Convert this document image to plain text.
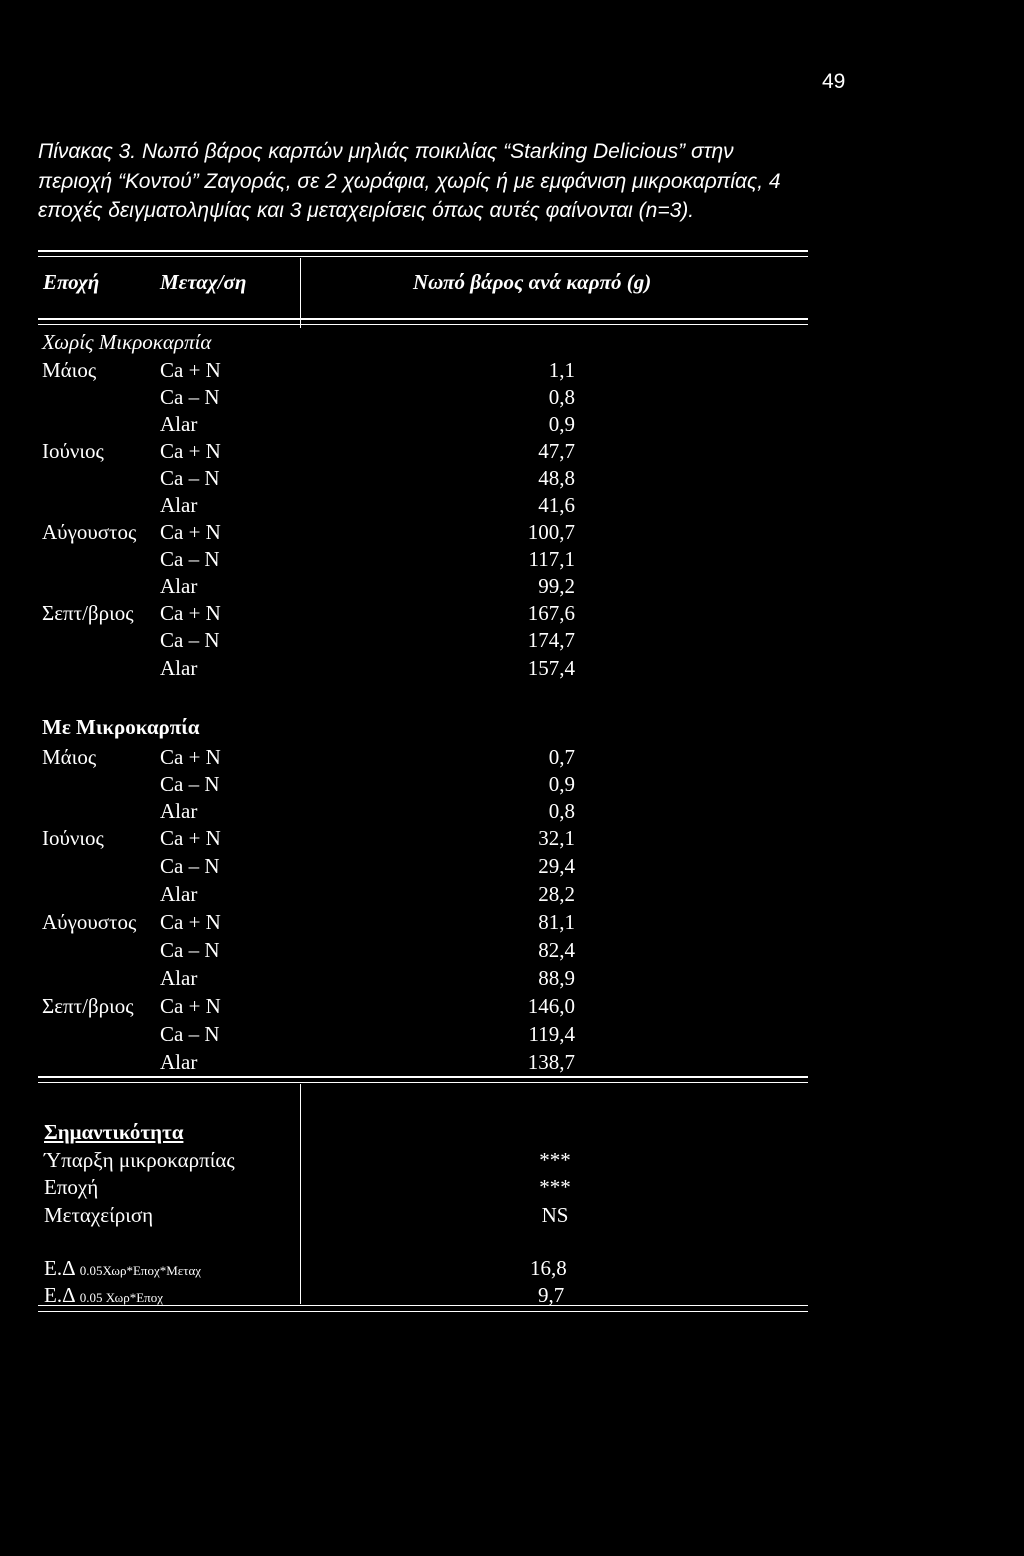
49
Πίνακας 3. Νωπό βάρος καρπών μηλιάς ποικιλίας “Starking Delicious” στην
περιοχή “Κοντού” Ζαγοράς, σε 2 χωράφια, χωρίς ή με εμφάνιση μικροκαρπίας, 4
εποχές δειγματοληψίας και 3 μεταχειρίσεις όπως αυτές φαίνονται (n=3).
Εποχή	Μεταχ/ση	Νωπό βάρος ανά καρπό (g)
Χωρίς Μικροκαρπία
Μάιος	Ca + N	1,1
Ca – N	0,8
Alar	0,9
Ιούνιος	Ca + N	47,7
Ca – N	48,8
Alar	41,6
Αύγουστος Ca + N	100,7
Ca – N	117,1
Alar	99,2
Σεπτ/βριος Ca + N	167,6
Ca – N	174,7
Alar	157,4
Με Μικροκαρπία
Μάιος	Ca + N	0,7
Ca – N	0,9
Alar	0,8
Ιούνιος	Ca + N	32,1
Ca – N	29,4
Alar	28,2
Αύγουστος Ca + N	81,1
Ca – N	82,4
Alar	88,9
Σεπτ/βριος Ca + N	146,0
Ca – N	119,4
Alar	138,7
Σημαντικότητα
Ύπαρξη μικροκαρπίας	***
Εποχή	***
Μεταχείριση	NS
Ε.Δ 0.05Χωρ*Εποχ*Μεταχ	16,8
Ε.Δ 0.05 Χωρ*Εποχ	9,7
